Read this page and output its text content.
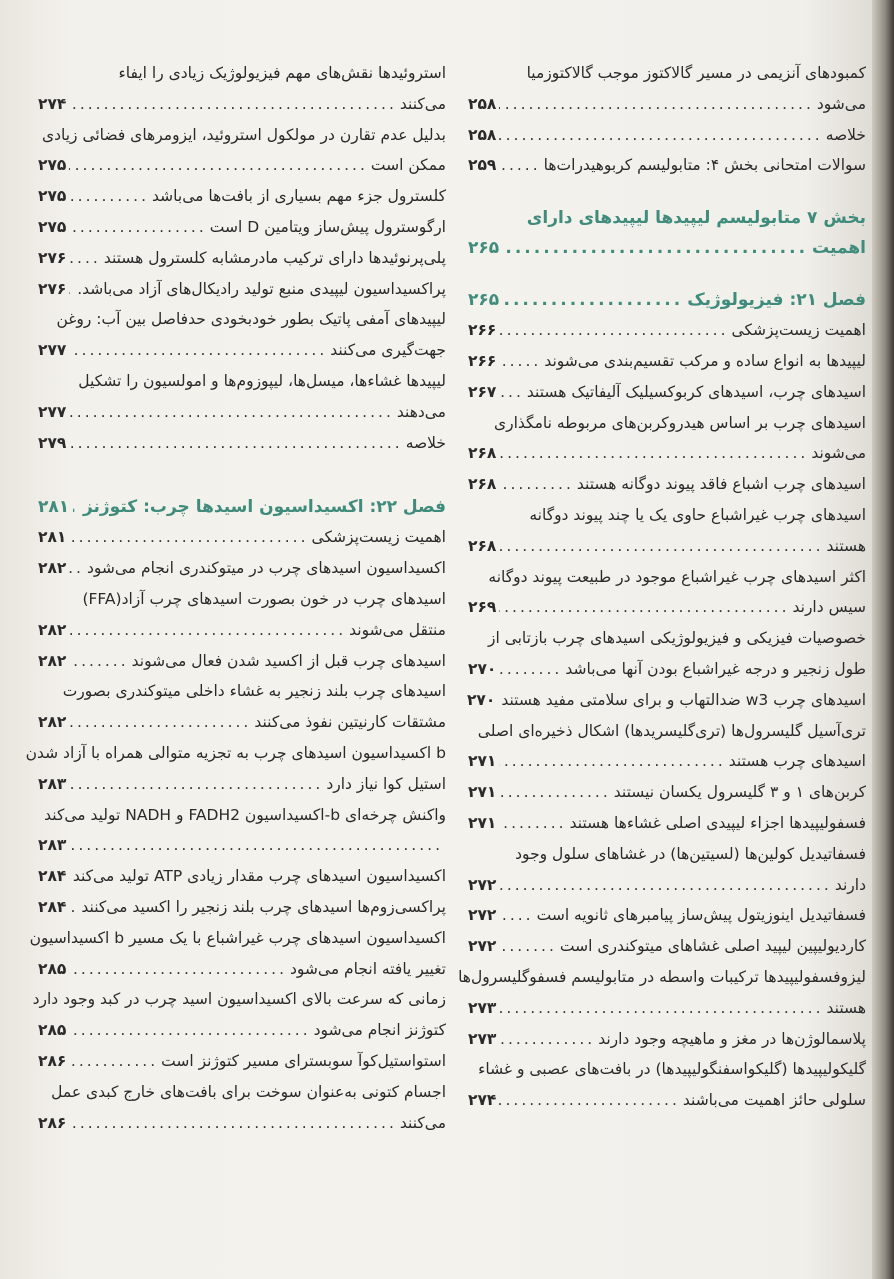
کمبودهای آنزیمی در مسیر گالاکتوز موجب گالاکتوزمیا
می‌شود
.....
۲۵۸
خلاصه
.....
۲۵۸
سوالات امتحانی بخش ۴: متابولیسم کربوهیدرات‌ها
.....
۲۵۹
بخش ۷ متابولیسم لیپیدها لیپیدهای دارای
اهمیت
.....
۲۶۵
فصل ۲۱: فیزیولوژیک
.....
۲۶۵
اهمیت زیست‌پزشکی
.....
۲۶۶
لیپیدها به انواع ساده و مرکب تقسیم‌بندی می‌شوند
.....
۲۶۶
اسیدهای چرب، اسیدهای کربوکسیلیک آلیفاتیک هستند
.....
۲۶۷
اسیدهای چرب بر اساس هیدروکربن‌های مربوطه نامگذاری
می‌شوند
.....
۲۶۸
اسیدهای چرب اشباع فاقد پیوند دوگانه هستند
.....
۲۶۸
اسیدهای چرب غیراشباع حاوی یک یا چند پیوند دوگانه
هستند
.....
۲۶۸
اکثر اسیدهای چرب غیراشباع موجود در طبیعت پیوند دوگانه
سیس دارند
.....
۲۶۹
خصوصیات فیزیکی و فیزیولوژیکی اسیدهای چرب بازتابی از
طول زنجیر و درجه غیراشباع بودن آنها می‌باشد
.....
۲۷۰
اسیدهای چرب w3 ضدالتهاب و برای سلامتی مفید هستند
۲۷۰
تری‌آسیل گلیسرول‌ها (تری‌گلیسریدها) اشکال ذخیره‌ای اصلی
اسیدهای چرب هستند
.....
۲۷۱
کربن‌های ۱ و ۳ گلیسرول یکسان نیستند
.....
۲۷۱
فسفولیپیدها اجزاء لیپیدی اصلی غشاءها هستند
.....
۲۷۱
فسفاتیدیل کولین‌ها (لسیتین‌ها) در غشاهای سلول وجود
دارند
.....
۲۷۲
فسفاتیدیل اینوزیتول پیش‌ساز پیامبرهای ثانویه است
.....
۲۷۲
کاردیولیپین لیپید اصلی غشاهای میتوکندری است
.....
۲۷۲
لیزوفسفولیپیدها ترکیبات واسطه در متابولیسم فسفوگلیسرول‌ها
هستند
.....
۲۷۳
پلاسمالوژن‌ها در مغز و ماهیچه وجود دارند
.....
۲۷۳
گلیکولیپیدها (گلیکواسفنگولیپیدها) در بافت‌های عصبی و غشاء
سلولی حائز اهمیت می‌باشند
.....
۲۷۴
استروئیدها نقش‌های مهم فیزیولوژیک زیادی را ایفاء
می‌کنند
.....
۲۷۴
بدلیل عدم تقارن در مولکول استروئید، ایزومرهای فضائی زیادی
ممکن است
.....
۲۷۵
کلسترول جزء مهم بسیاری از بافت‌ها می‌باشد
.....
۲۷۵
ارگوسترول پیش‌ساز ویتامین D است
.....
۲۷۵
پلی‌پرنوئیدها دارای ترکیب مادرمشابه کلسترول هستند
.....
۲۷۶
پراکسیداسیون لیپیدی منبع تولید رادیکال‌های آزاد می‌باشد.
.....
۲۷۶
لیپیدهای آمفی پاتیک بطور خودبخودی حدفاصل بین آب: روغن
جهت‌گیری می‌کنند
.....
۲۷۷
لیپیدها غشاءها، میسل‌ها، لیپوزوم‌ها و امولسیون را تشکیل
می‌دهند
.....
۲۷۷
خلاصه
.....
۲۷۹
فصل ۲۲: اکسیداسیون اسیدها چرب: کتوژنز
.....
۲۸۱
اهمیت زیست‌پزشکی
.....
۲۸۱
اکسیداسیون اسیدهای چرب در میتوکندری انجام می‌شود
.....
۲۸۲
اسیدهای چرب در خون بصورت اسیدهای چرب آزاد(FFA)
منتقل می‌شوند
.....
۲۸۲
اسیدهای چرب قبل از اکسید شدن فعال می‌شوند
.....
۲۸۲
اسیدهای چرب بلند زنجیر به غشاء داخلی میتوکندری بصورت
مشتقات کارنیتین نفوذ می‌کنند
.....
۲۸۲
b اکسیداسیون اسیدهای چرب به تجزیه متوالی همراه با آزاد شدن
استیل کوا نیاز دارد
.....
۲۸۳
واکنش چرخه‌ای b-اکسیداسیون FADH2 و NADH تولید می‌کند
.....
۲۸۳
اکسیداسیون اسیدهای چرب مقدار زیادی ATP تولید می‌کند
.....
۲۸۴
پراکسی‌زوم‌ها اسیدهای چرب بلند زنجیر را اکسید می‌کنند
.....
۲۸۴
اکسیداسیون اسیدهای چرب غیراشباع با یک مسیر b اکسیداسیون
تغییر یافته انجام می‌شود
.....
۲۸۵
زمانی که سرعت بالای اکسیداسیون اسید چرب در کبد وجود دارد
کتوژنز انجام می‌شود
.....
۲۸۵
استواستیل‌کوآ سوبسترای مسیر کتوژنز است
.....
۲۸۶
اجسام کتونی به‌عنوان سوخت برای بافت‌های خارج کبدی عمل
می‌کنند
.....
۲۸۶
